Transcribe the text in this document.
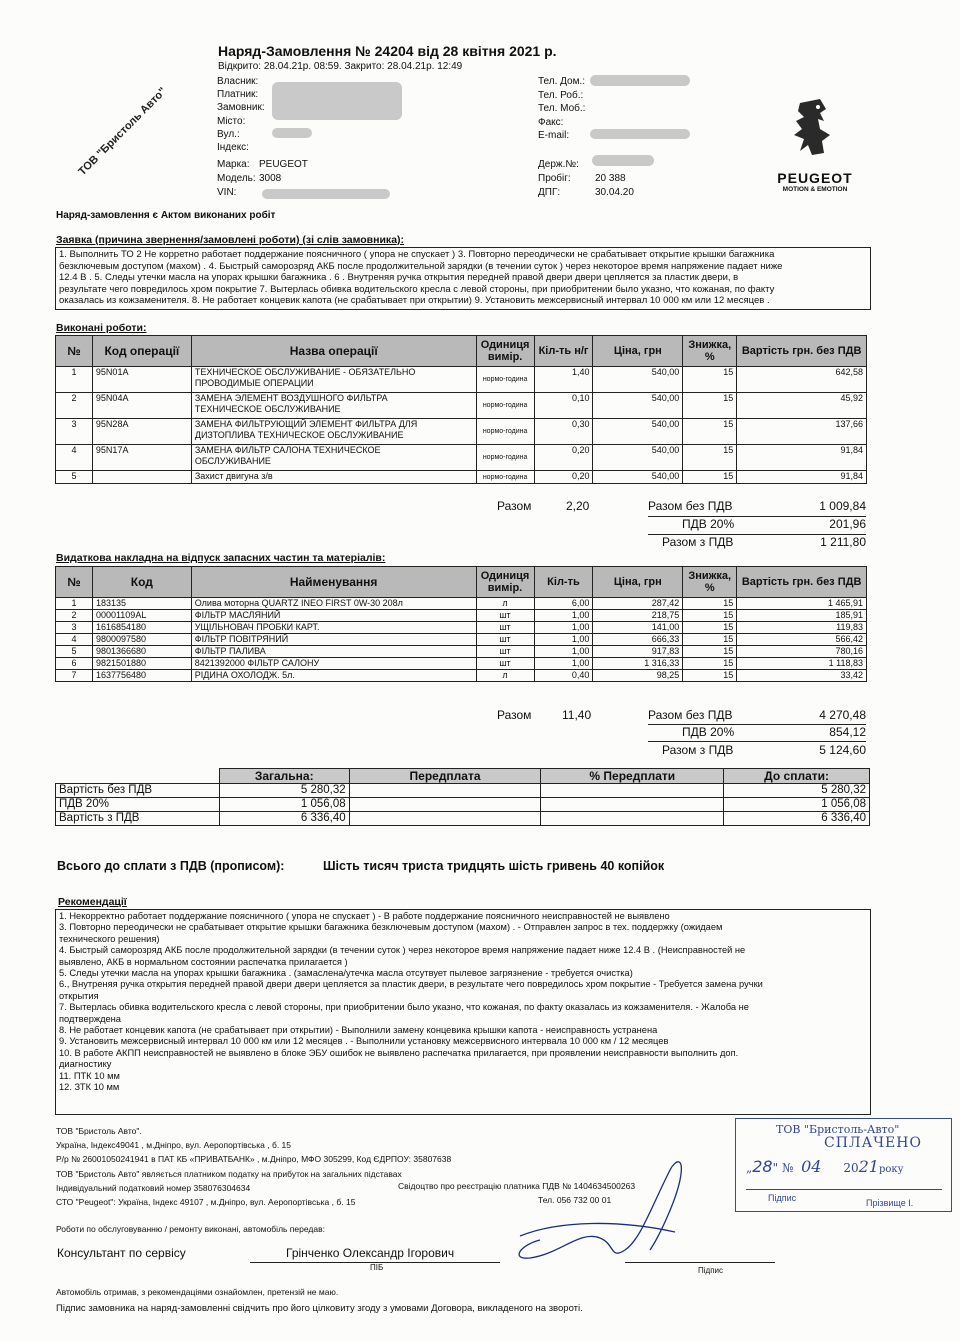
ТОВ "Бристоль Авто"
Наряд-Замовлення № 24204 від 28 квітня 2021 р.
Відкрито: 28.04.21р. 08:59. Закрито: 28.04.21р. 12:49
Власник:
Платник:
Замовник:
Місто:
Вул.:
Індекс:
Марка: PEUGEOT
Модель: 3008
VIN:
Тел. Дом.:
Тел. Роб.:
Тел. Моб.:
Факс:
E-mail:
Держ.№:
Пробіг: 20 388
ДПГ:	30.04.20
PEUGEOT
MOTION & EMOTION
Наряд-замовлення є Актом виконаних робіт
Заявка (причина звернення/замовлені роботи) (зі слів замовника):
1. Выполнить ТО 2 Не корретно работает поддержание поясничного ( упора не спускает ) 3. Повторно переодически не срабатывает открытие крышки багажника
безключевым доступом (махом) . 4. Быстрый саморозряд АКБ после продолжительной зарядки (в течении суток ) через некоторое время напряжение падает ниже
12.4 В . 5. Следы утечки масла на упорах крышки багажника . 6 . Внутреняя ручка открытия передней правой двери двери цепляется за пластик двери, в
результате чего повредилось хром покрытие 7. Вытерлась обивка водительского кресла с левой стороны, при приобритении было указно, что кожаная, по факту
оказалась из кожзаменителя. 8. Не работает концевик капота (не срабатывает при открытии) 9. Установить межсервисный интервал 10 000 км или 12 месяцев .
Виконані роботи:
№	Код операції	Назва операції	Одиниця вимір.	Кіл-ть н/г	Ціна, грн	Знижка, %	Вартість грн. без ПДВ
1	95N01A	ТЕХНИЧЕСКОЕ ОБСЛУЖИВАНИЕ - ОБЯЗАТЕЛЬНО
ПРОВОДИМЫЕ ОПЕРАЦИИ	нормо-година	1,40	540,00	15	642,58
2	95N04A	ЗАМЕНА ЭЛЕМЕНТ ВОЗДУШНОГО ФИЛЬТРА
ТЕХНИЧЕСКОЕ ОБСЛУЖИВАНИЕ	нормо-година	0,10	540,00	15	45,92
3	95N28A	ЗАМЕНА ФИЛЬТРУЮЩИЙ ЭЛЕМЕНТ ФИЛЬТРА ДЛЯ
ДИЗТОПЛИВА ТЕХНИЧЕСКОЕ ОБСЛУЖИВАНИЕ	нормо-година	0,30	540,00	15	137,66
4	95N17A	ЗАМЕНА ФИЛЬТР САЛОНА ТЕХНИЧЕСКОЕ
ОБСЛУЖИВАНИЕ	нормо-година	0,20	540,00	15	91,84
5		Захист двигуна з/в	нормо-година	0,20	540,00	15	91,84
Разом	2,20	Разом без ПДВ	1 009,84
ПДВ 20%	201,96
Разом з ПДВ	1 211,80
Видаткова накладна на відпуск запасних частин та матеріалів:
№	Код	Найменування	Одиниця вимір.	Кіл-ть	Ціна, грн	Знижка, %	Вартість грн. без ПДВ
1	183135	Олива моторна QUARTZ INEO FIRST 0W-30 208л	л	6,00	287,42	15	1 465,91
2	00001109AL	ФІЛЬТР МАСЛЯНИЙ	шт	1,00	218,75	15	185,91
3	1616854180	УЩІЛЬНОВАЧ ПРОБКИ КАРТ.	шт	1,00	141,00	15	119,83
4	9800097580	ФІЛЬТР ПОВІТРЯНИЙ	шт	1,00	666,33	15	566,42
5	9801366680	ФІЛЬТР ПАЛИВА	шт	1,00	917,83	15	780,16
6	9821501880	8421392000 ФІЛЬТР САЛОНУ	шт	1,00	1 316,33	15	1 118,83
7	1637756480	РІДИНА ОХОЛОДЖ. 5л.	л	0,40	98,25	15	33,42
Разом	11,40	Разом без ПДВ	4 270,48
ПДВ 20%	854,12
Разом з ПДВ	5 124,60
	Загальна:	Передплата	% Передплати	До сплати:
Вартість без ПДВ	5 280,32			5 280,32
ПДВ 20%	1 056,08			1 056,08
Вартість з ПДВ	6 336,40			6 336,40
Всього до сплати з ПДВ (прописом):	Шість тисяч триста тридцять шість гривень 40 копійок
Рекомендації
1. Некорректно работает поддержание поясничного ( упора не спускает ) - В работе поддержание поясничного неисправностей не выявлено
3. Повторно переодически не срабатывает открытие крышки багажника безключевым доступом (махом) . - Отправлен запрос в тех. поддержку (ожидаем
технического решения)
4. Быстрый саморозряд АКБ после продолжительной зарядки (в течении суток ) через некоторое время напряжение падает ниже 12.4 В . (Неисправностей не
выявлено, АКБ в нормальном состоянии распечатка прилагается )
5. Следы утечки масла на упорах крышки багажника . (замаслена/утечка масла отсутвует пылевое загрязнение - требуется очистка)
6., Внутреняя ручка открытия передней правой двери двери цепляется за пластик двери, в результате чего повредилось хром покрытие - Требуется замена ручки
открытия
7. Вытерлась обивка водительского кресла с левой стороны, при приобритении было указно, что кожаная, по факту оказалась из кожзаменителя. - Жалоба не
подтверждена
8. Не работает концевик капота (не срабатывает при открытии) - Выполнили замену концевика крышки капота - неисправность устранена
9. Установить межсервисный интервал 10 000 км или 12 месяцев . - Выполнили установку межсервисного интервала 10 000 км / 12 месяцев
10. В работе АКПП неисправностей не выявлено в блоке ЭБУ ошибок не выявлено распечатка прилагается, при проявлении неисправности выполнить доп.
диагностику
11. ПТК 10 мм
12. ЗТК 10 мм
ТОВ "Бристоль Авто".
Україна, Індекс49041 , м.Дніпро, вул. Аеропортівська , б. 15
Р/р № 26001050241941 в ПАТ КБ «ПРИВАТБАНК» , м.Дніпро, МФО 305299, Код ЄДРПОУ: 35807638
ТОВ "Бристоль Авто" являється платником податку на прибуток на загальних підставах
Індивідуальний податковий номер 358076304634
СТО "Peugeot": Україна, Індекс 49107 , м.Дніпро, вул. Аеропортівська , б. 15
Свідоцтво про реєстрацію платника ПДВ № 1404634500263
Тел. 056 732 00 01
Роботи по обслуговуванню / ремонту виконані, автомобіль передав:
Консультант по сервісу	Грінченко Олександр Ігорович
ПІБ	Підпис
Автомобіль отримав, з рекомендаціями ознайомлен, претензій не маю.
Підпис замовника на наряд-замовленні свідчить про його цілковиту згоду з умовами Договора, викладеного на звороті.
ТОВ "Бристоль-Авто"
СПЛАЧЕНО
„28" № 04 2021року
Підпис	Прізвище І.
